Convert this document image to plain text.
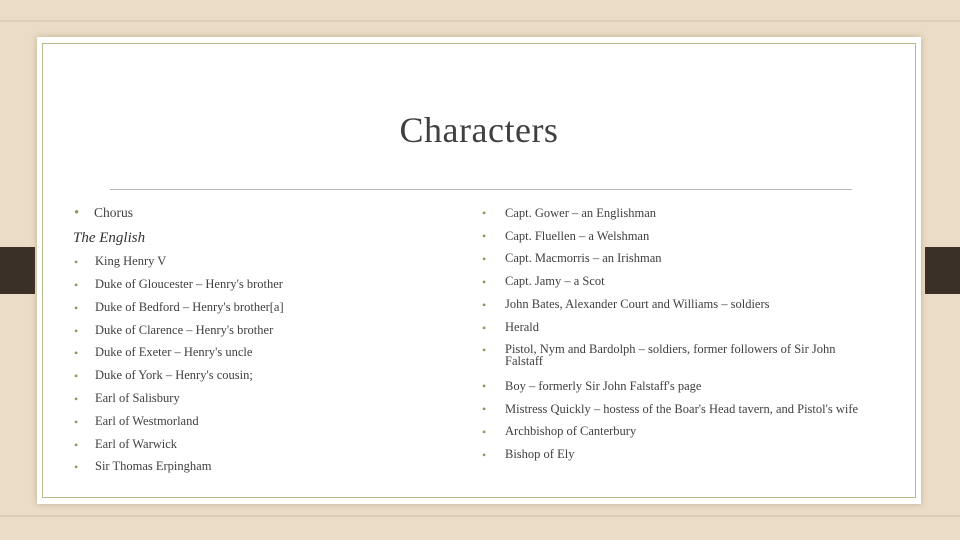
Characters
• Chorus
The English
• King Henry V
• Duke of Gloucester – Henry's brother
• Duke of Bedford – Henry's brother[a]
• Duke of Clarence – Henry's brother
• Duke of Exeter – Henry's uncle
• Duke of York – Henry's cousin;
• Earl of Salisbury
• Earl of Westmorland
• Earl of Warwick
• Sir Thomas Erpingham
• Capt. Gower – an Englishman
• Capt. Fluellen – a Welshman
• Capt. Macmorris – an Irishman
• Capt. Jamy – a Scot
• John Bates, Alexander Court and Williams – soldiers
• Herald
• Pistol, Nym and Bardolph – soldiers, former followers of Sir John Falstaff
• Boy – formerly Sir John Falstaff's page
• Mistress Quickly – hostess of the Boar's Head tavern, and Pistol's wife
• Archbishop of Canterbury
• Bishop of Ely
